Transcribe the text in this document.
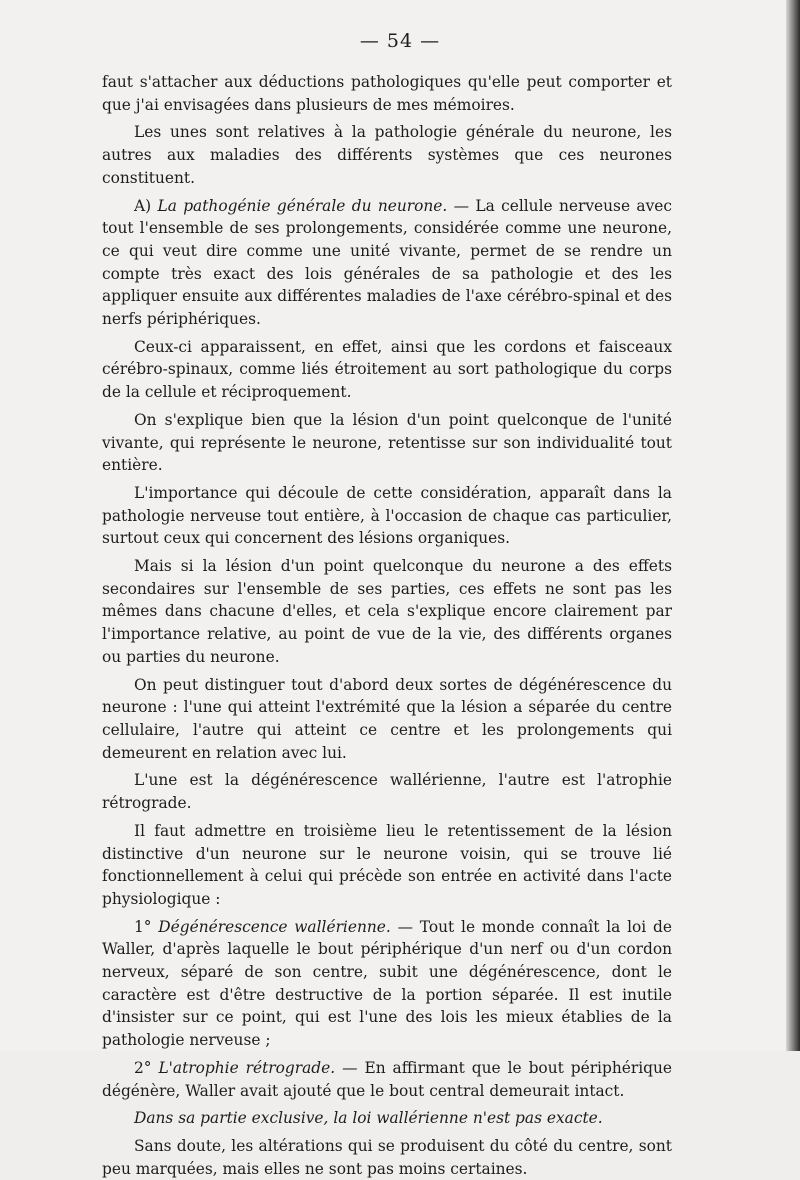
— 54 —

faut s'attacher aux déductions pathologiques qu'elle peut comporter et que j'ai envisagées dans plusieurs de mes mémoires.

Les unes sont relatives à la pathologie générale du neurone, les autres aux maladies des différents systèmes que ces neurones constituent.

A) La pathogénie générale du neurone. — La cellule nerveuse avec tout l'ensemble de ses prolongements, considérée comme une neurone, ce qui veut dire comme une unité vivante, permet de se rendre un compte très exact des lois générales de sa pathologie et des les appliquer ensuite aux différentes maladies de l'axe cérébro-spinal et des nerfs périphériques.

Ceux-ci apparaissent, en effet, ainsi que les cordons et faisceaux cérébro-spinaux, comme liés étroitement au sort pathologique du corps de la cellule et réciproquement.

On s'explique bien que la lésion d'un point quelconque de l'unité vivante, qui représente le neurone, retentisse sur son individualité tout entière.

L'importance qui découle de cette considération, apparaît dans la pathologie nerveuse tout entière, à l'occasion de chaque cas particulier, surtout ceux qui concernent des lésions organiques.

Mais si la lésion d'un point quelconque du neurone a des effets secondaires sur l'ensemble de ses parties, ces effets ne sont pas les mêmes dans chacune d'elles, et cela s'explique encore clairement par l'importance relative, au point de vue de la vie, des différents organes ou parties du neurone.

On peut distinguer tout d'abord deux sortes de dégénérescence du neurone : l'une qui atteint l'extrémité que la lésion a séparée du centre cellulaire, l'autre qui atteint ce centre et les prolongements qui demeurent en relation avec lui.

L'une est la dégénérescence wallérienne, l'autre est l'atrophie rétrograde.

Il faut admettre en troisième lieu le retentissement de la lésion distinctive d'un neurone sur le neurone voisin, qui se trouve lié fonctionnellement à celui qui précède son entrée en activité dans l'acte physiologique :

1° Dégénérescence wallérienne. — Tout le monde connaît la loi de Waller, d'après laquelle le bout périphérique d'un nerf ou d'un cordon nerveux, séparé de son centre, subit une dégénérescence, dont le caractère est d'être destructive de la portion séparée. Il est inutile d'insister sur ce point, qui est l'une des lois les mieux établies de la pathologie nerveuse ;

2° L'atrophie rétrograde. — En affirmant que le bout périphérique dégénère, Waller avait ajouté que le bout central demeurait intact.

Dans sa partie exclusive, la loi wallérienne n'est pas exacte.

Sans doute, les altérations qui se produisent du côté du centre, sont peu marquées, mais elles ne sont pas moins certaines.
